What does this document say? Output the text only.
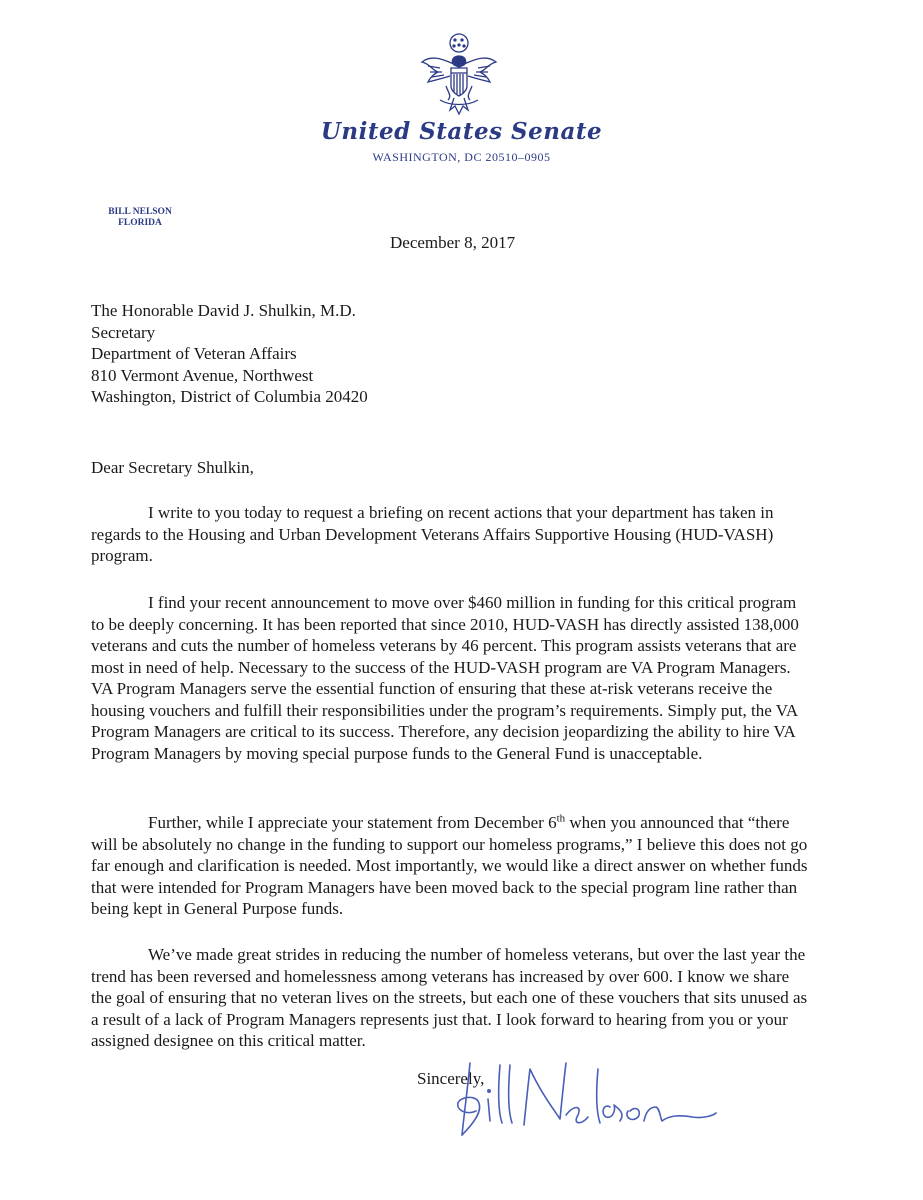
United States Senate
WASHINGTON, DC 20510–0905
BILL NELSON
FLORIDA
December 8, 2017
The Honorable David J. Shulkin, M.D.
Secretary
Department of Veteran Affairs
810 Vermont Avenue, Northwest
Washington, District of Columbia 20420
Dear Secretary Shulkin,

I write to you today to request a briefing on recent actions that your department has taken in regards to the Housing and Urban Development Veterans Affairs Supportive Housing (HUD-VASH) program.

I find your recent announcement to move over $460 million in funding for this critical program to be deeply concerning. It has been reported that since 2010, HUD-VASH has directly assisted 138,000 veterans and cuts the number of homeless veterans by 46 percent. This program assists veterans that are most in need of help. Necessary to the success of the HUD-VASH program are VA Program Managers. VA Program Managers serve the essential function of ensuring that these at-risk veterans receive the housing vouchers and fulfill their responsibilities under the program’s requirements. Simply put, the VA Program Managers are critical to its success. Therefore, any decision jeopardizing the ability to hire VA Program Managers by moving special purpose funds to the General Fund is unacceptable.

Further, while I appreciate your statement from December 6th when you announced that “there will be absolutely no change in the funding to support our homeless programs,” I believe this does not go far enough and clarification is needed. Most importantly, we would like a direct answer on whether funds that were intended for Program Managers have been moved back to the special program line rather than being kept in General Purpose funds.

We’ve made great strides in reducing the number of homeless veterans, but over the last year the trend has been reversed and homelessness among veterans has increased by over 600. I know we share the goal of ensuring that no veteran lives on the streets, but each one of these vouchers that sits unused as a result of a lack of Program Managers represents just that. I look forward to hearing from you or your assigned designee on this critical matter.

Sincerely,
